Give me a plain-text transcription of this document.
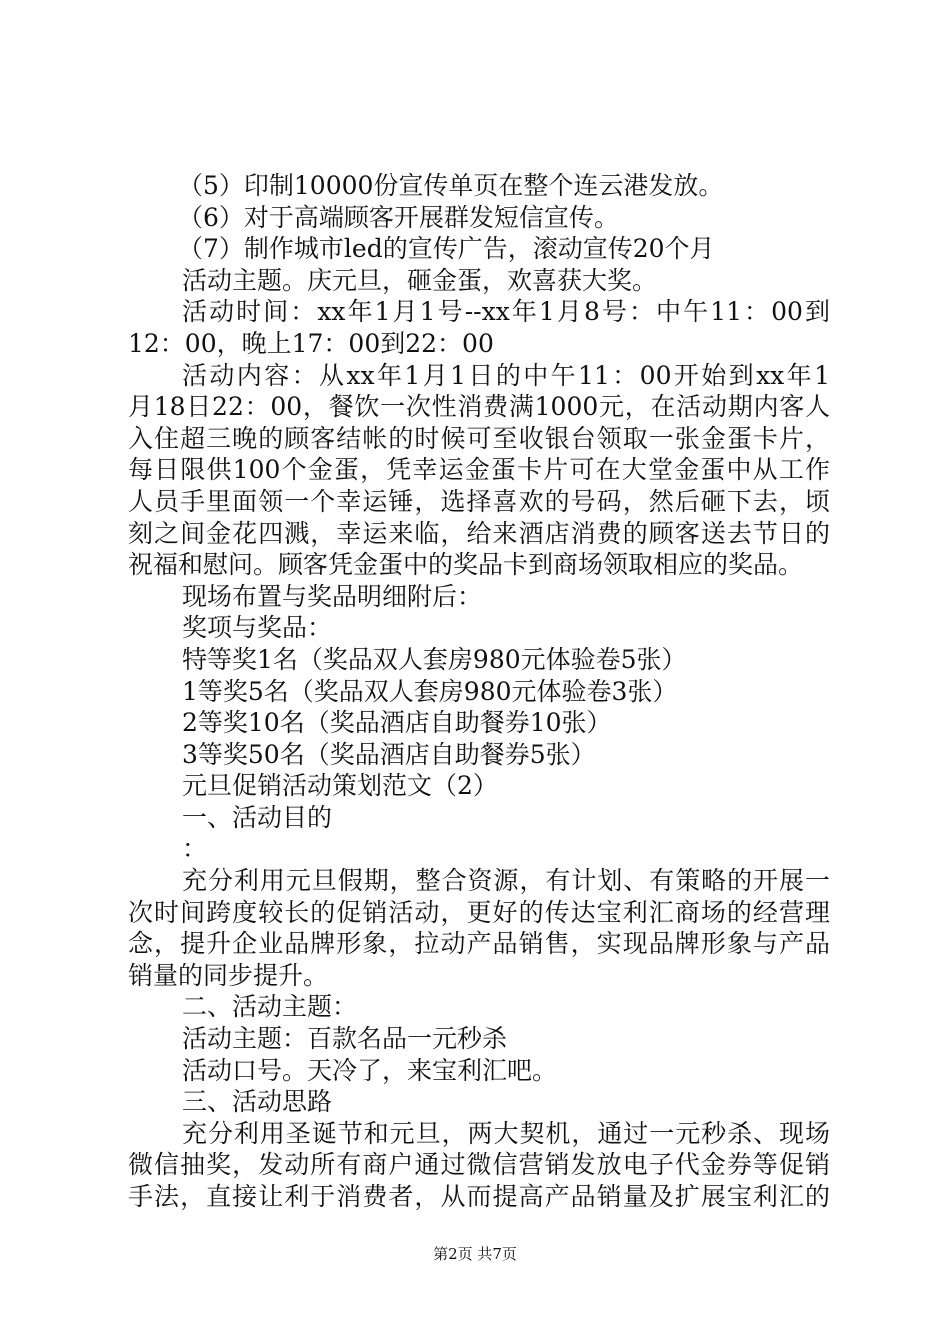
（5）印制10000份宣传单页在整个连云港发放。
（6）对于高端顾客开展群发短信宣传。
（7）制作城市led的宣传广告，滚动宣传20个月
活动主题。庆元旦，砸金蛋，欢喜获大奖。
活动时间：xx年1月1号--xx年1月8号：中午11：00到
12：00，晚上17：00到22：00
活动内容：从xx年1月1日的中午11：00开始到xx年1
月18日22：00，餐饮一次性消费满1000元，在活动期内客人
入住超三晚的顾客结帐的时候可至收银台领取一张金蛋卡片，
每日限供100个金蛋，凭幸运金蛋卡片可在大堂金蛋中从工作
人员手里面领一个幸运锤，选择喜欢的号码，然后砸下去，顷
刻之间金花四溅，幸运来临，给来酒店消费的顾客送去节日的
祝福和慰问。顾客凭金蛋中的奖品卡到商场领取相应的奖品。
现场布置与奖品明细附后：
奖项与奖品：
特等奖1名（奖品双人套房980元体验卷5张）
1等奖5名（奖品双人套房980元体验卷3张）
2等奖10名（奖品酒店自助餐券10张）
3等奖50名（奖品酒店自助餐券5张）
元旦促销活动策划范文（2）
一、活动目的
：
充分利用元旦假期，整合资源，有计划、有策略的开展一
次时间跨度较长的促销活动，更好的传达宝利汇商场的经营理
念，提升企业品牌形象，拉动产品销售，实现品牌形象与产品
销量的同步提升。
二、活动主题：
活动主题：百款名品一元秒杀
活动口号。天冷了，来宝利汇吧。
三、活动思路
充分利用圣诞节和元旦，两大契机，通过一元秒杀、现场
微信抽奖，发动所有商户通过微信营销发放电子代金券等促销
手法，直接让利于消费者，从而提高产品销量及扩展宝利汇的
第2页 共7页
